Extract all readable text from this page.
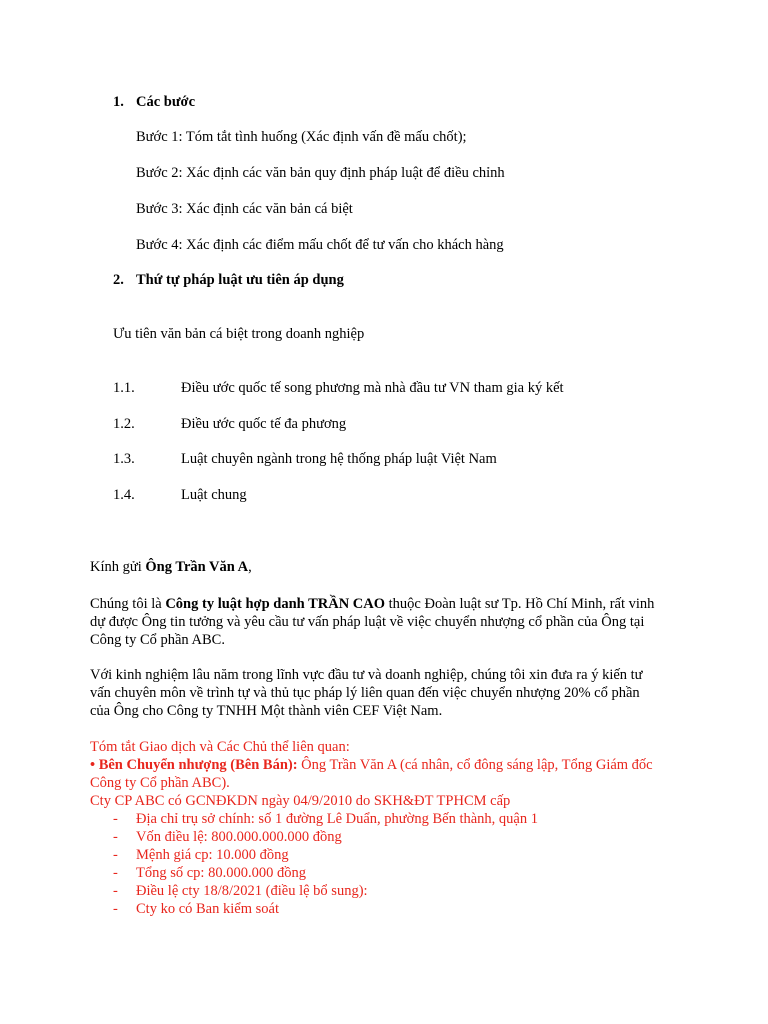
1. Các bước
Bước 1: Tóm tắt tình huống (Xác định vấn đề mấu chốt);
Bước 2: Xác định các văn bản quy định pháp luật để điều chỉnh
Bước 3: Xác định các văn bản cá biệt
Bước 4: Xác định các điểm mấu chốt để tư vấn cho khách hàng
2. Thứ tự pháp luật ưu tiên áp dụng
Ưu tiên văn bản cá biệt trong doanh nghiệp
1.1.	Điều ước quốc tế song phương mà nhà đầu tư VN tham gia ký kết
1.2.	Điều ước quốc tế đa phương
1.3.	Luật chuyên ngành trong hệ thống pháp luật Việt Nam
1.4.	Luật chung
Kính gửi Ông Trần Văn A,
Chúng tôi là Công ty luật hợp danh TRẦN CAO thuộc Đoàn luật sư Tp. Hồ Chí Minh, rất vinh
dự được Ông tin tưởng và yêu cầu tư vấn pháp luật về việc chuyển nhượng cổ phần của Ông tại
Công ty Cổ phần ABC.
Với kinh nghiệm lâu năm trong lĩnh vực đầu tư và doanh nghiệp, chúng tôi xin đưa ra ý kiến tư
vấn chuyên môn về trình tự và thủ tục pháp lý liên quan đến việc chuyển nhượng 20% cổ phần
của Ông cho Công ty TNHH Một thành viên CEF Việt Nam.
Tóm tắt Giao dịch và Các Chủ thể liên quan:
• Bên Chuyển nhượng (Bên Bán): Ông Trần Văn A (cá nhân, cổ đông sáng lập, Tổng Giám đốc
Công ty Cổ phần ABC).
Cty CP ABC có GCNĐKDN ngày 04/9/2010 do SKH&ĐT TPHCM cấp
- Địa chỉ trụ sở chính: số 1 đường Lê Duẩn, phường Bến thành, quận 1
- Vốn điều lệ: 800.000.000.000 đồng
- Mệnh giá cp: 10.000 đồng
- Tổng số cp: 80.000.000 đồng
- Điều lệ cty 18/8/2021 (điều lệ bổ sung):
- Cty ko có Ban kiểm soát
